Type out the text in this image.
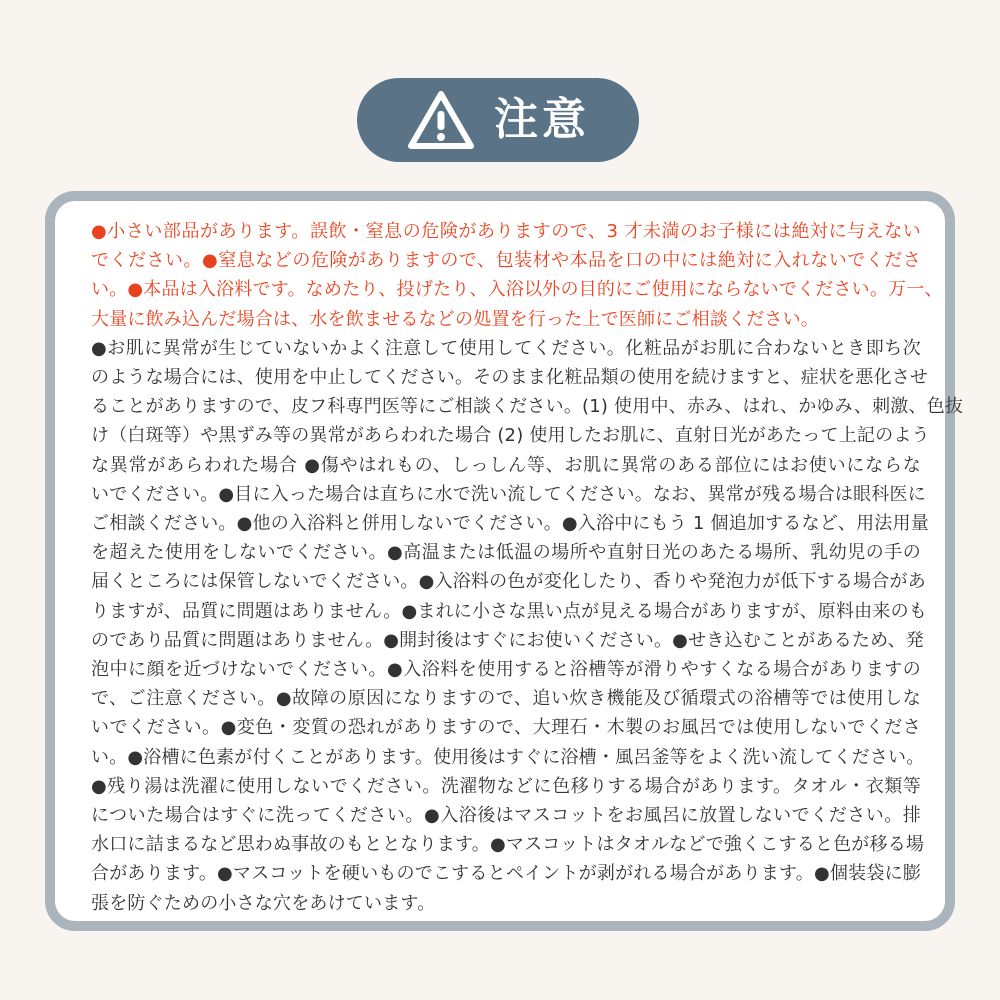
注意
●小さい部品があります。誤飲・窒息の危険がありますので、3 才未満のお子様には絶対に与えない
でください。●窒息などの危険がありますので、包装材や本品を口の中には絶対に入れないでくださ
い。●本品は入浴料です。なめたり、投げたり、入浴以外の目的にご使用にならないでください。万一、
大量に飲み込んだ場合は、水を飲ませるなどの処置を行った上で医師にご相談ください。
●お肌に異常が生じていないかよく注意して使用してください。化粧品がお肌に合わないとき即ち次
のような場合には、使用を中止してください。そのまま化粧品類の使用を続けますと、症状を悪化させ
ることがありますので、皮フ科専門医等にご相談ください。(1) 使用中、赤み、はれ、かゆみ、刺激、色抜
け（白斑等）や黒ずみ等の異常があらわれた場合 (2) 使用したお肌に、直射日光があたって上記のよう
な異常があらわれた場合 ●傷やはれもの、しっしん等、お肌に異常のある部位にはお使いにならな
いでください。●目に入った場合は直ちに水で洗い流してください。なお、異常が残る場合は眼科医に
ご相談ください。●他の入浴料と併用しないでください。●入浴中にもう 1 個追加するなど、用法用量
を超えた使用をしないでください。●高温または低温の場所や直射日光のあたる場所、乳幼児の手の
届くところには保管しないでください。●入浴料の色が変化したり、香りや発泡力が低下する場合があ
りますが、品質に問題はありません。●まれに小さな黒い点が見える場合がありますが、原料由来のも
のであり品質に問題はありません。●開封後はすぐにお使いください。●せき込むことがあるため、発
泡中に顔を近づけないでください。●入浴料を使用すると浴槽等が滑りやすくなる場合がありますの
で、ご注意ください。●故障の原因になりますので、追い炊き機能及び循環式の浴槽等では使用しな
いでください。●変色・変質の恐れがありますので、大理石・木製のお風呂では使用しないでくださ
い。●浴槽に色素が付くことがあります。使用後はすぐに浴槽・風呂釜等をよく洗い流してください。
●残り湯は洗濯に使用しないでください。洗濯物などに色移りする場合があります。タオル・衣類等
についた場合はすぐに洗ってください。●入浴後はマスコットをお風呂に放置しないでください。排
水口に詰まるなど思わぬ事故のもととなります。●マスコットはタオルなどで強くこすると色が移る場
合があります。●マスコットを硬いものでこするとペイントが剥がれる場合があります。●個装袋に膨
張を防ぐための小さな穴をあけています。
